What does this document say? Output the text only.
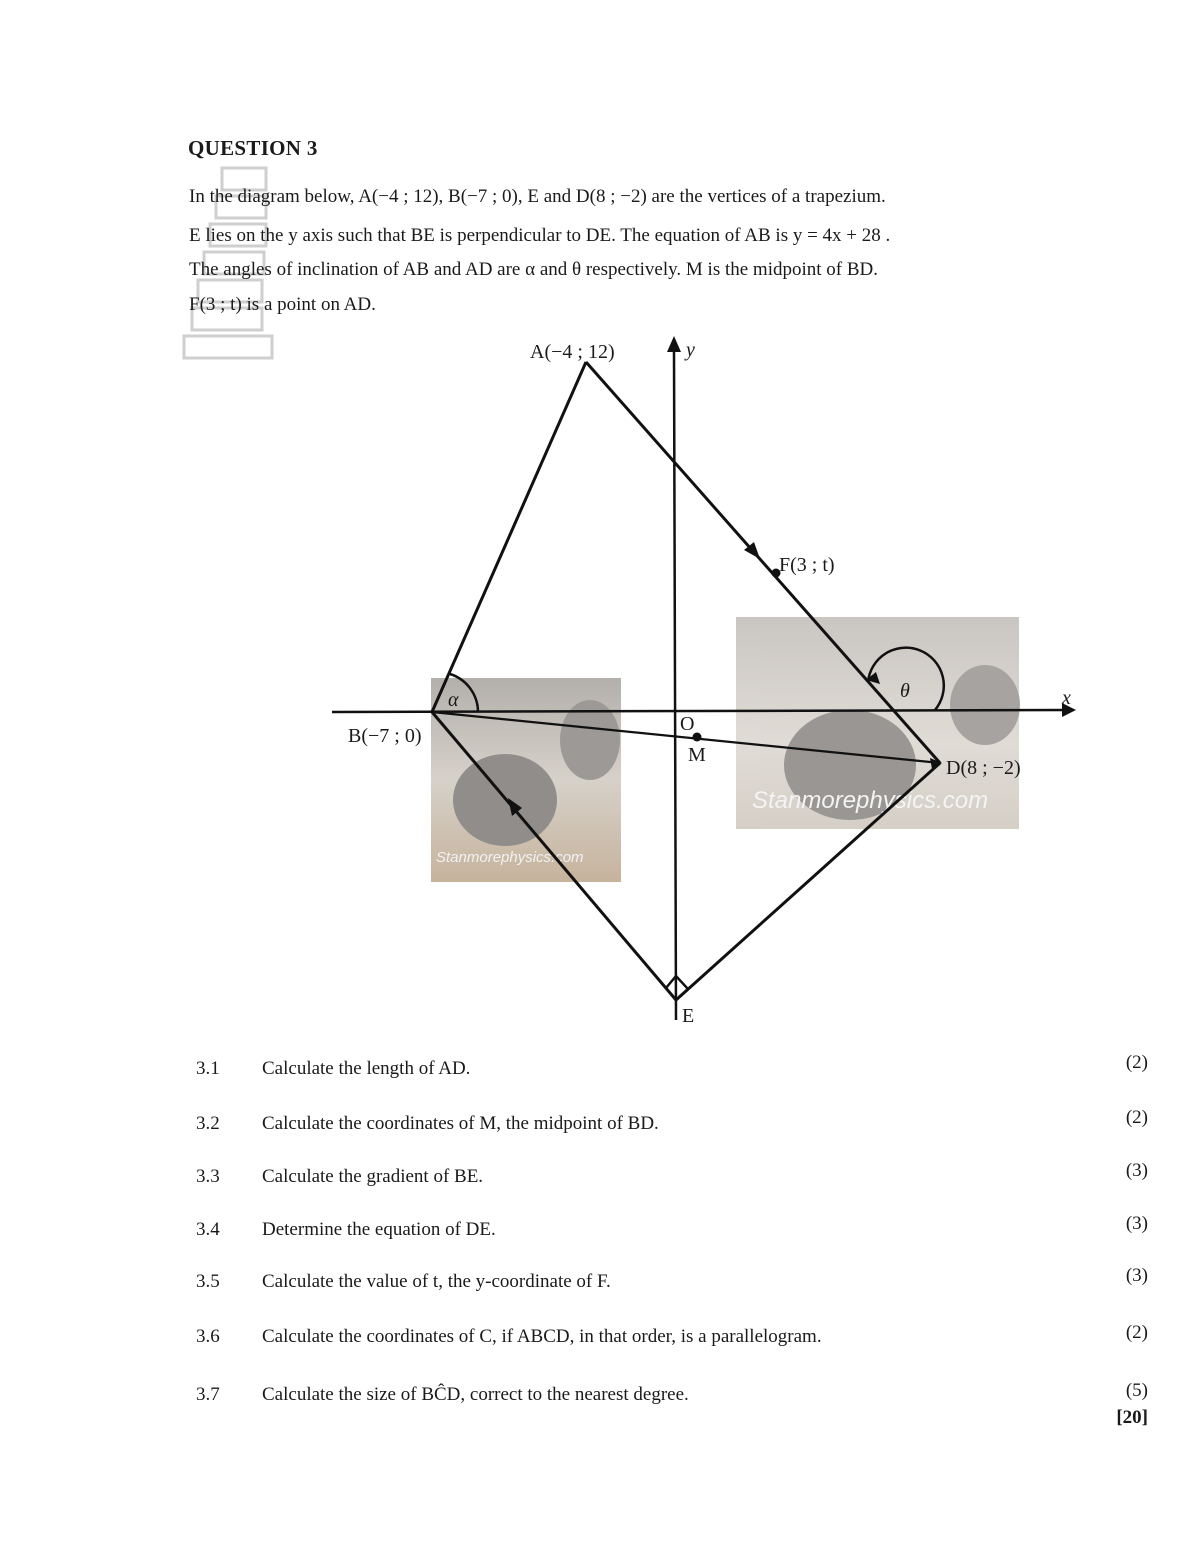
QUESTION 3
In the diagram below, A(−4 ; 12), B(−7 ; 0), E and D(8 ; −2) are the vertices of a trapezium.
E lies on the y axis such that BE is perpendicular to DE. The equation of AB is y = 4x + 28 .
The angles of inclination of AB and AD are α and θ respectively. M is the midpoint of BD.
F(3 ; t) is a point on AD.
Stanmorephysics.com
Stanmorephysics.com
A(−4 ; 12)	y
B(−7 ; 0)
F(3 ; t)
D(8 ; −2)
O
M
E
x
α	θ
3.1 Calculate the length of AD.	(2)
3.2 Calculate the coordinates of M, the midpoint of BD.	(2)
3.3 Calculate the gradient of BE.	(3)
3.4 Determine the equation of DE.	(3)
3.5 Calculate the value of t, the y-coordinate of F.	(3)
3.6 Calculate the coordinates of C, if ABCD, in that order, is a parallelogram.	(2)
3.7 Calculate the size of BĈD, correct to the nearest degree.	(5)
[20]
